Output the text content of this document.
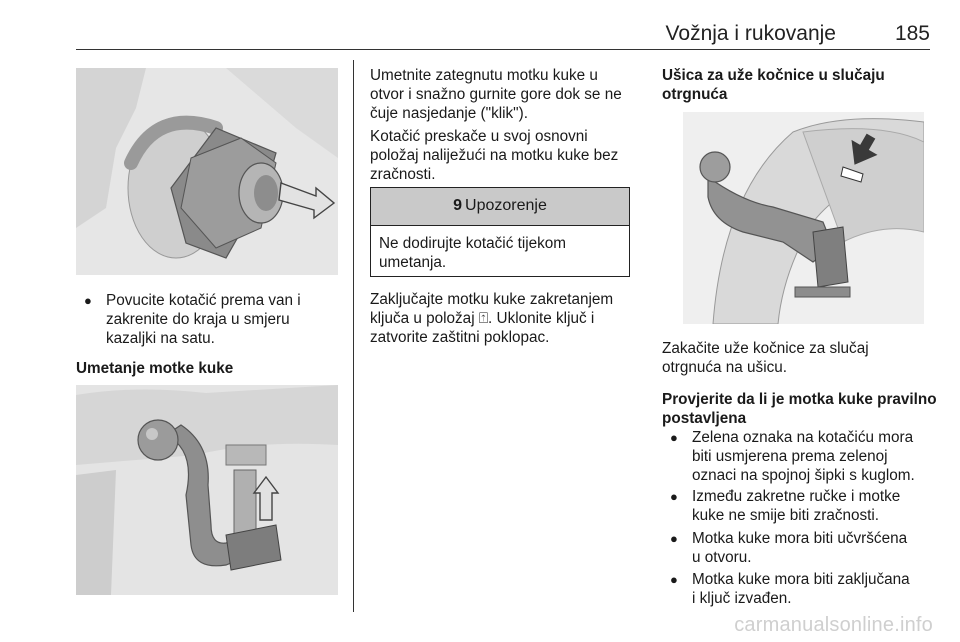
Vožnja i rukovanje	185
● Povucite kotačić prema van i
zakrenite do kraja u smjeru
kazaljki na satu.
Umetanje motke kuke
Umetnite zategnutu motku kuke u
otvor i snažno gurnite gore dok se ne
čuje nasjedanje ("klik").
Kotačić preskače u svoj osnovni
položaj naliježući na motku kuke bez
zračnosti.
9 Upozorenje
Ne dodirujte kotačić tijekom
umetanja.
Zaključajte motku kuke zakretanjem
ključa u položaj ⍐. Uklonite ključ i
zatvorite zaštitni poklopac.
Ušica za uže kočnice u slučaju
otrgnuća
Zakačite uže kočnice za slučaj
otrgnuća na ušicu.
Provjerite da li je motka kuke pravilno
postavljena
● Zelena oznaka na kotačiću mora
biti usmjerena prema zelenoj
oznaci na spojnoj šipki s kuglom.
● Između zakretne ručke i motke
kuke ne smije biti zračnosti.
● Motka kuke mora biti učvršćena
u otvoru.
● Motka kuke mora biti zaključana
i ključ izvađen.
carmanualsonline.info
